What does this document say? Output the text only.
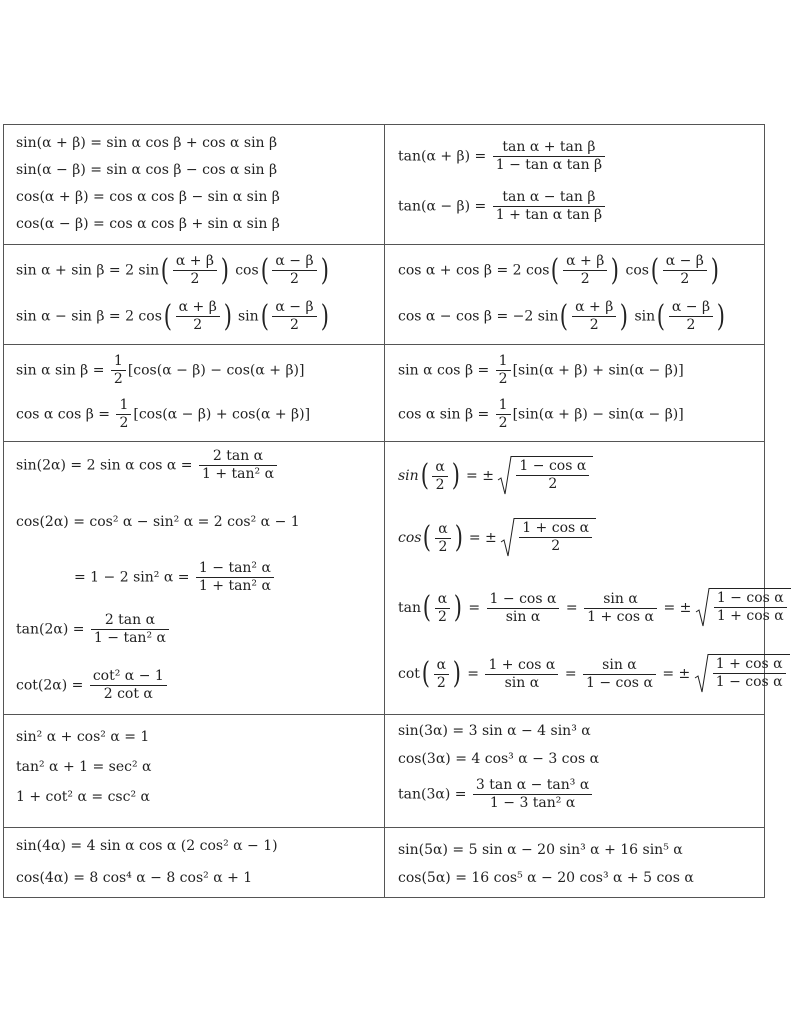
sin(α + β) = sin α cos β + cos α sin β
sin(α − β) = sin α cos β − cos α sin β
cos(α + β) = cos α cos β − sin α sin β
cos(α − β) = cos α cos β + sin α sin β
$\tan(\alpha + \beta) = \frac{\text{tan α + tan β}}{\text{1 − tan α tan β}}$
$\tan(\alpha - \beta) = \frac{\text{tan α − tan β}}{\text{1 + tan α tan β}}$
sin α + sin β = 2 $\sin( \frac{\alpha + \beta}{2}$ ) $\cos( \frac{\alpha - \beta}{2}$ )
sin α − sin β = 2 $\cos( \frac{\alpha + \beta}{2}$ ) $\sin( \frac{\alpha - \beta}{2}$ )
cos α + cos β = 2 $\cos( \frac{\alpha + \beta}{2}$ ) $\cos( \frac{\alpha - \beta}{2}$ )
cos α − cos β = −2 $\sin( \frac{\alpha + \beta}{2}$ ) $\sin( \frac{\alpha - \beta}{2}$ )
sin α $\sin \beta = \frac{1}{2} [\cos(\alpha - \beta) - \cos(\alpha + \beta)]$
cos α $\cos \beta = \frac{1}{2} [\cos(\alpha - \beta) + \cos(\alpha + \beta)]$
sin α $\cos \beta = \frac{1}{2} [\sin(\alpha + \beta) + \sin(\alpha - \beta)]$
cos α $\sin \beta = \frac{1}{2} [\sin(\alpha + \beta) - \sin(\alpha - \beta)]$
sin(2α) = 2 sin α $\cos \alpha = \frac{\text{2 tan α}}{\text{1 + tan² α}}$
cos(2α) = cos² α − sin² α = 2 cos² α − 1
= 1 − 2 sin² $\alpha = \frac{\text{1 − tan² α}}{\text{1 + tan² α}}$
$\tan(2\alpha) = \frac{\text{2 tan α}}{\text{1 − tan² α}}$
$\cot(2\alpha) = \frac{\text{cot² α − 1}}{\text{2 cot α}}$
$\sin( \frac{\alpha}{2}$ ) = ± $\frac{\text{1 − cos α}}{2}$
$\cos( \frac{\alpha}{2}$ ) = ± $\frac{\text{1 + cos α}}{2}$
$\tan( \frac{\alpha}{2}$ ) = $\frac{\text{1 − cos α}}{\text{sin α}} = \frac{\text{sin α}}{\text{1 + cos α}}$ = ± $\frac{\text{1 − cos α}}{\text{1 + cos α}}$
$\cot( \frac{\alpha}{2}$ ) = $\frac{\text{1 + cos α}}{\text{sin α}} = \frac{\text{sin α}}{\text{1 − cos α}}$ = ± $\frac{\text{1 + cos α}}{\text{1 − cos α}}$
sin² α + cos² α = 1
tan² α + 1 = sec² α
1 + cot² α = csc² α
sin(3α) = 3 sin α − 4 sin³ α
cos(3α) = 4 cos³ α − 3 cos α
$\tan(3\alpha) = \frac{\text{3 tan α − tan³ α}}{\text{1 − 3 tan² α}}$
sin(4α) = 4 sin α cos α (2 cos² α − 1)
cos(4α) = 8 cos⁴ α − 8 cos² α + 1
sin(5α) = 5 sin α − 20 sin³ α + 16 sin⁵ α
cos(5α) = 16 cos⁵ α − 20 cos³ α + 5 cos α
